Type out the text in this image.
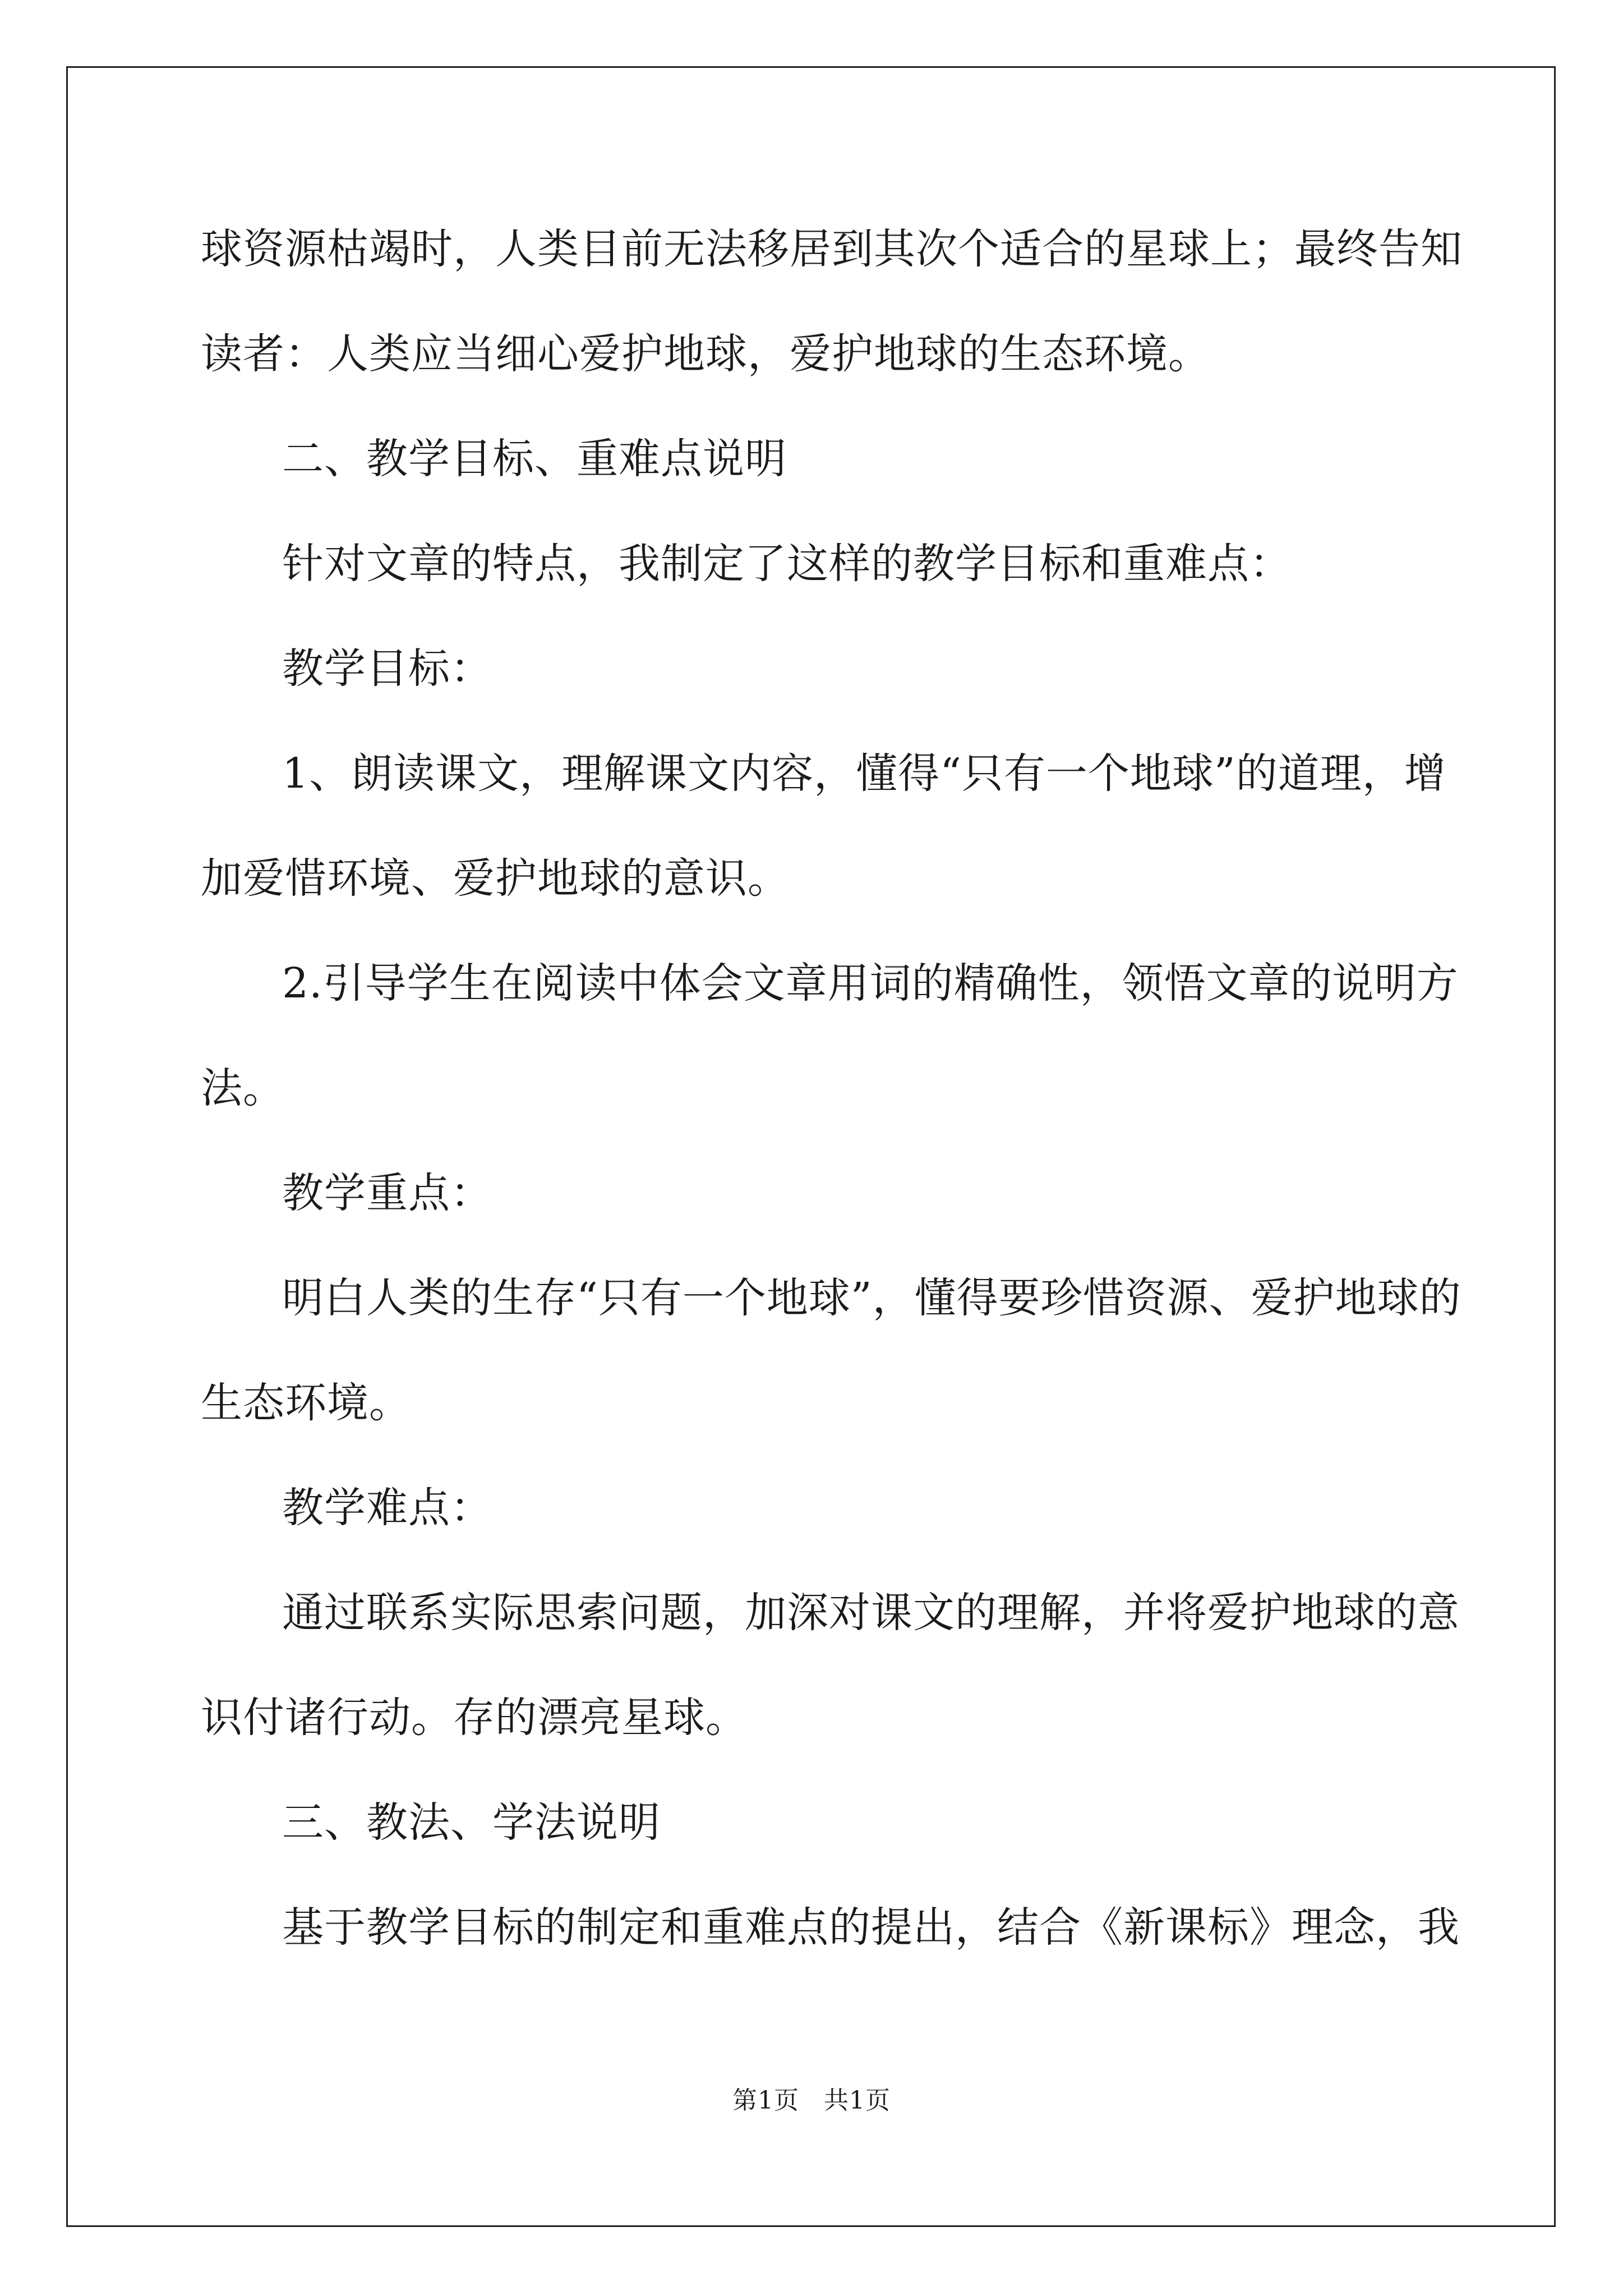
球资源枯竭时，人类目前无法移居到其次个适合的星球上；最终告知
读者：人类应当细心爱护地球，爱护地球的生态环境。
二、教学目标、重难点说明
针对文章的特点，我制定了这样的教学目标和重难点：
教学目标：
1、朗读课文，理解课文内容，懂得“只有一个地球”的道理，增
加爱惜环境、爱护地球的意识。
2.引导学生在阅读中体会文章用词的精确性，领悟文章的说明方
法。
教学重点：
明白人类的生存“只有一个地球”，懂得要珍惜资源、爱护地球的
生态环境。
教学难点：
通过联系实际思索问题，加深对课文的理解，并将爱护地球的意
识付诸行动。存的漂亮星球。
三、教法、学法说明
基于教学目标的制定和重难点的提出，结合《新课标》理念，我
第1页 共1页
